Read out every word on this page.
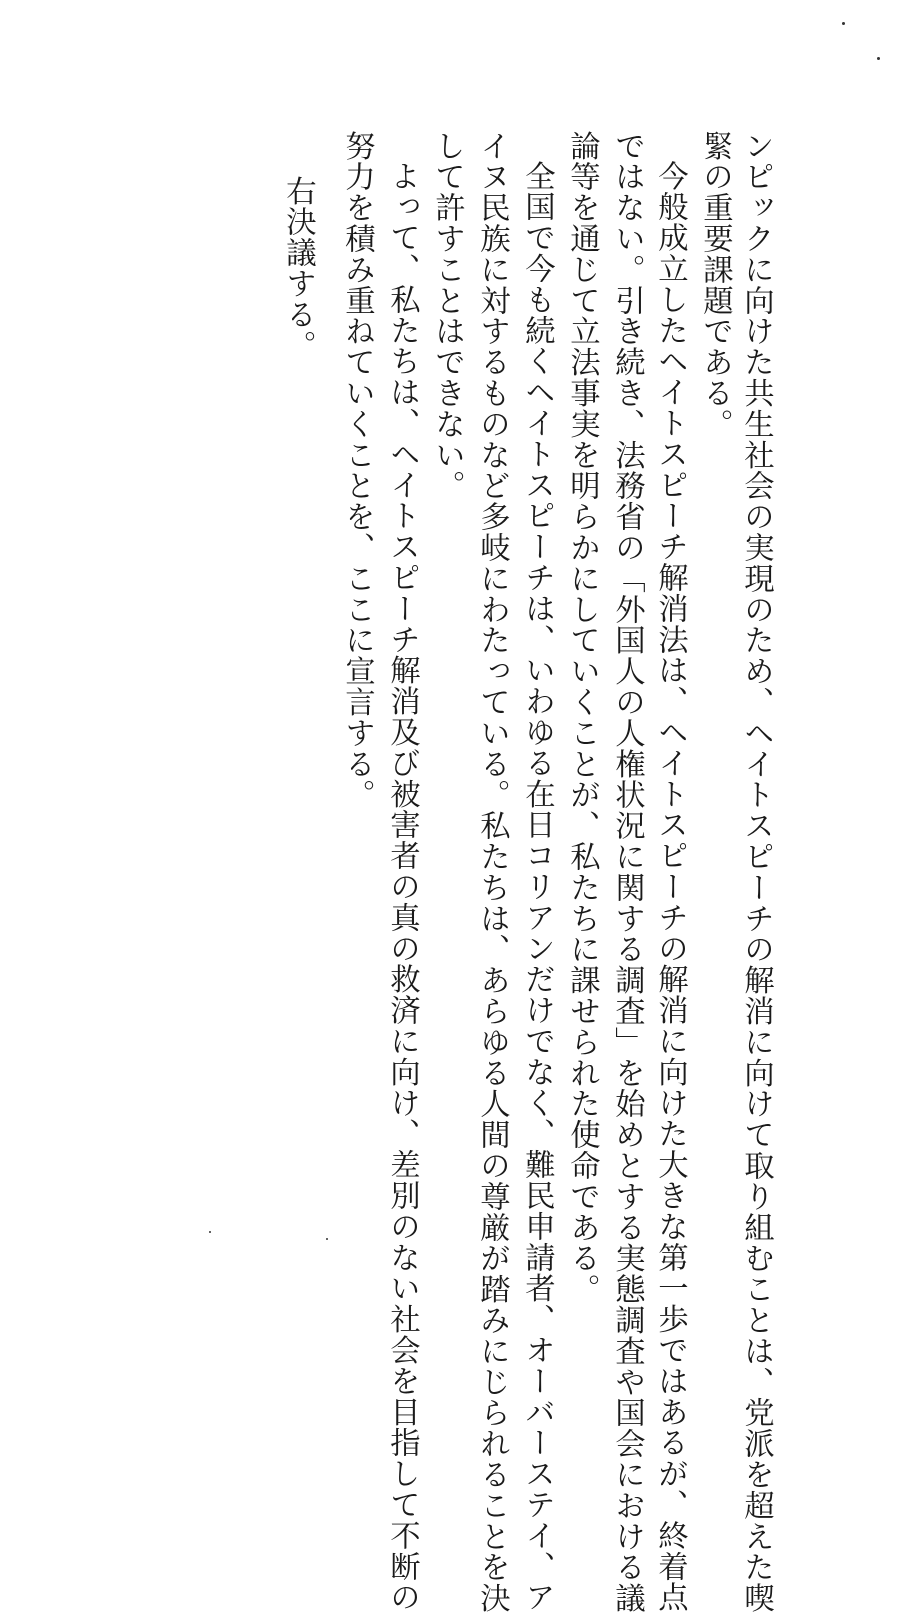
ンピックに向けた共生社会の実現のため、ヘイトスピーチの解消に向けて取り組むことは、党派を超えた喫
緊の重要課題である。
今般成立したヘイトスピーチ解消法は、ヘイトスピーチの解消に向けた大きな第一歩ではあるが、終着点
ではない。引き続き、法務省の「外国人の人権状況に関する調査」を始めとする実態調査や国会における議
論等を通じて立法事実を明らかにしていくことが、私たちに課せられた使命である。
全国で今も続くヘイトスピーチは、いわゆる在日コリアンだけでなく、難民申請者、オーバーステイ、ア
イヌ民族に対するものなど多岐にわたっている。私たちは、あらゆる人間の尊厳が踏みにじられることを決
して許すことはできない。
よって、私たちは、ヘイトスピーチ解消及び被害者の真の救済に向け、差別のない社会を目指して不断の
努力を積み重ねていくことを、ここに宣言する。
右決議する。
